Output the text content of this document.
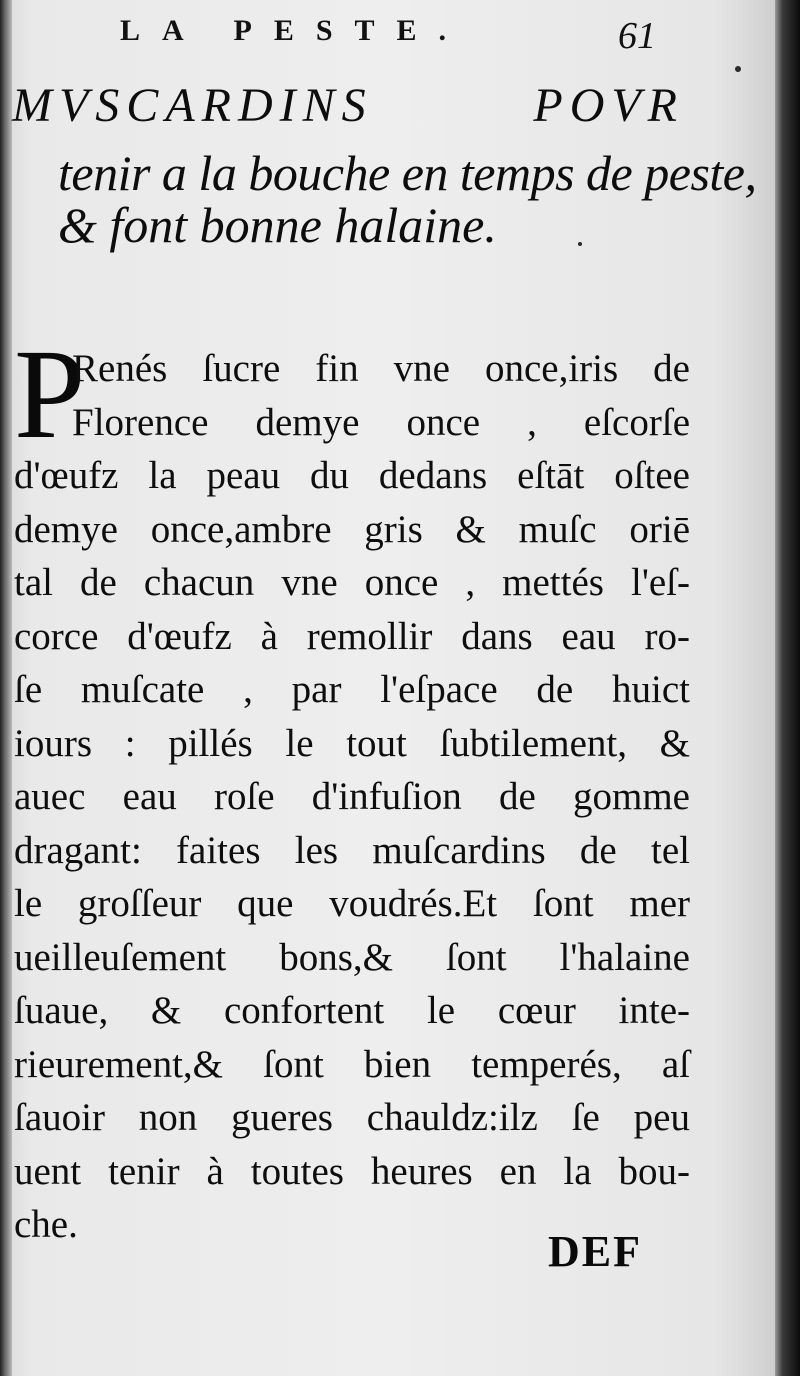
LA PESTE.	61
MVSCARDINS	POVR
tenir a la bouche en temps de peste,
& font bonne halaine.
P
Renés ſucre fin vne once,iris de
Florence demye once , eſcorſe
d'œufz la peau du dedans eſtāt oſtee
demye once,ambre gris & muſc oriē
tal de chacun vne once , mettés l'eſ-
corce d'œufz à remollir dans eau ro-
ſe muſcate , par l'eſpace de huict
iours : pillés le tout ſubtilement, &
auec eau roſe d'infuſion de gomme
dragant: faites les muſcardins de tel
le groſſeur que voudrés.Et ſont mer
ueilleuſement bons,& ſont l'halaine
ſuaue, & confortent le cœur inte-
rieurement,& ſont bien temperés, aſ
ſauoir non gueres chauldz:ilz ſe peu
uent tenir à toutes heures en la bou-
che.
DEF
